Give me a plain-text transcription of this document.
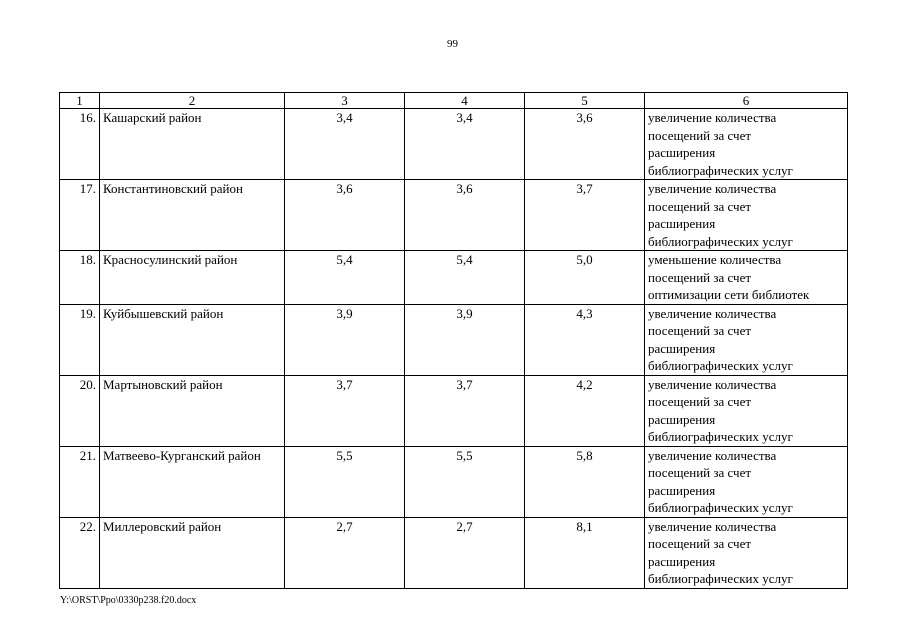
99
1	2	3	4	5	6
16.	Кашарский район	3,4	3,4	3,6	увеличение количества
посещений за счет
расширения
библиографических услуг

17.	Константиновский район	3,6	3,6	3,7	увеличение количества
посещений за счет
расширения
библиографических услуг

18.	Красносулинский район	5,4	5,4	5,0	уменьшение количества
посещений за счет
оптимизации сети библиотек

19.	Куйбышевский район	3,9	3,9	4,3	увеличение количества
посещений за счет
расширения
библиографических услуг

20.	Мартыновский район	3,7	3,7	4,2	увеличение количества
посещений за счет
расширения
библиографических услуг

21.	Матвеево-Курганский район	5,5	5,5	5,8	увеличение количества
посещений за счет
расширения
библиографических услуг

22.	Миллеровский район	2,7	2,7	8,1	увеличение количества
посещений за счет
расширения
библиографических услуг
Y:\ORST\Ppo\0330p238.f20.docx
